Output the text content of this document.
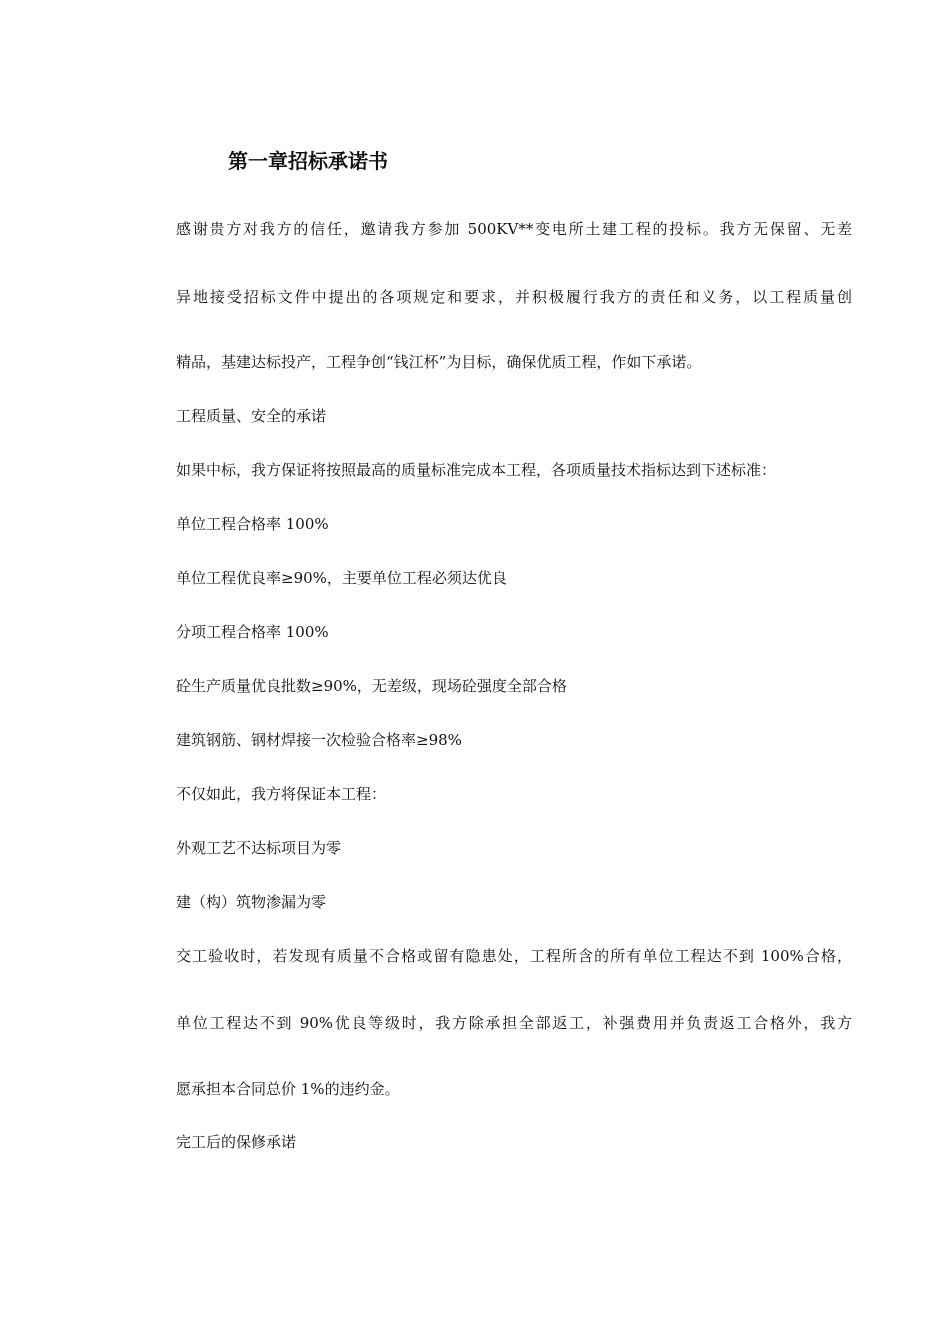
第一章招标承诺书
感谢贵方对我方的信任，邀请我方参加 500KV**变电所土建工程的投标。我方无保留、无差
异地接受招标文件中提出的各项规定和要求，并积极履行我方的责任和义务，以工程质量创
精品，基建达标投产，工程争创“钱江杯”为目标，确保优质工程，作如下承诺。
工程质量、安全的承诺
如果中标，我方保证将按照最高的质量标准完成本工程，各项质量技术指标达到下述标准：
单位工程合格率 100%
单位工程优良率≥90%，主要单位工程必须达优良
分项工程合格率 100%
砼生产质量优良批数≥90%，无差级，现场砼强度全部合格
建筑钢筋、钢材焊接一次检验合格率≥98%
不仅如此，我方将保证本工程：
外观工艺不达标项目为零
建（构）筑物渗漏为零
交工验收时，若发现有质量不合格或留有隐患处，工程所含的所有单位工程达不到 100%合格，
单位工程达不到 90%优良等级时，我方除承担全部返工，补强费用并负责返工合格外，我方
愿承担本合同总价 1%的违约金。
完工后的保修承诺
